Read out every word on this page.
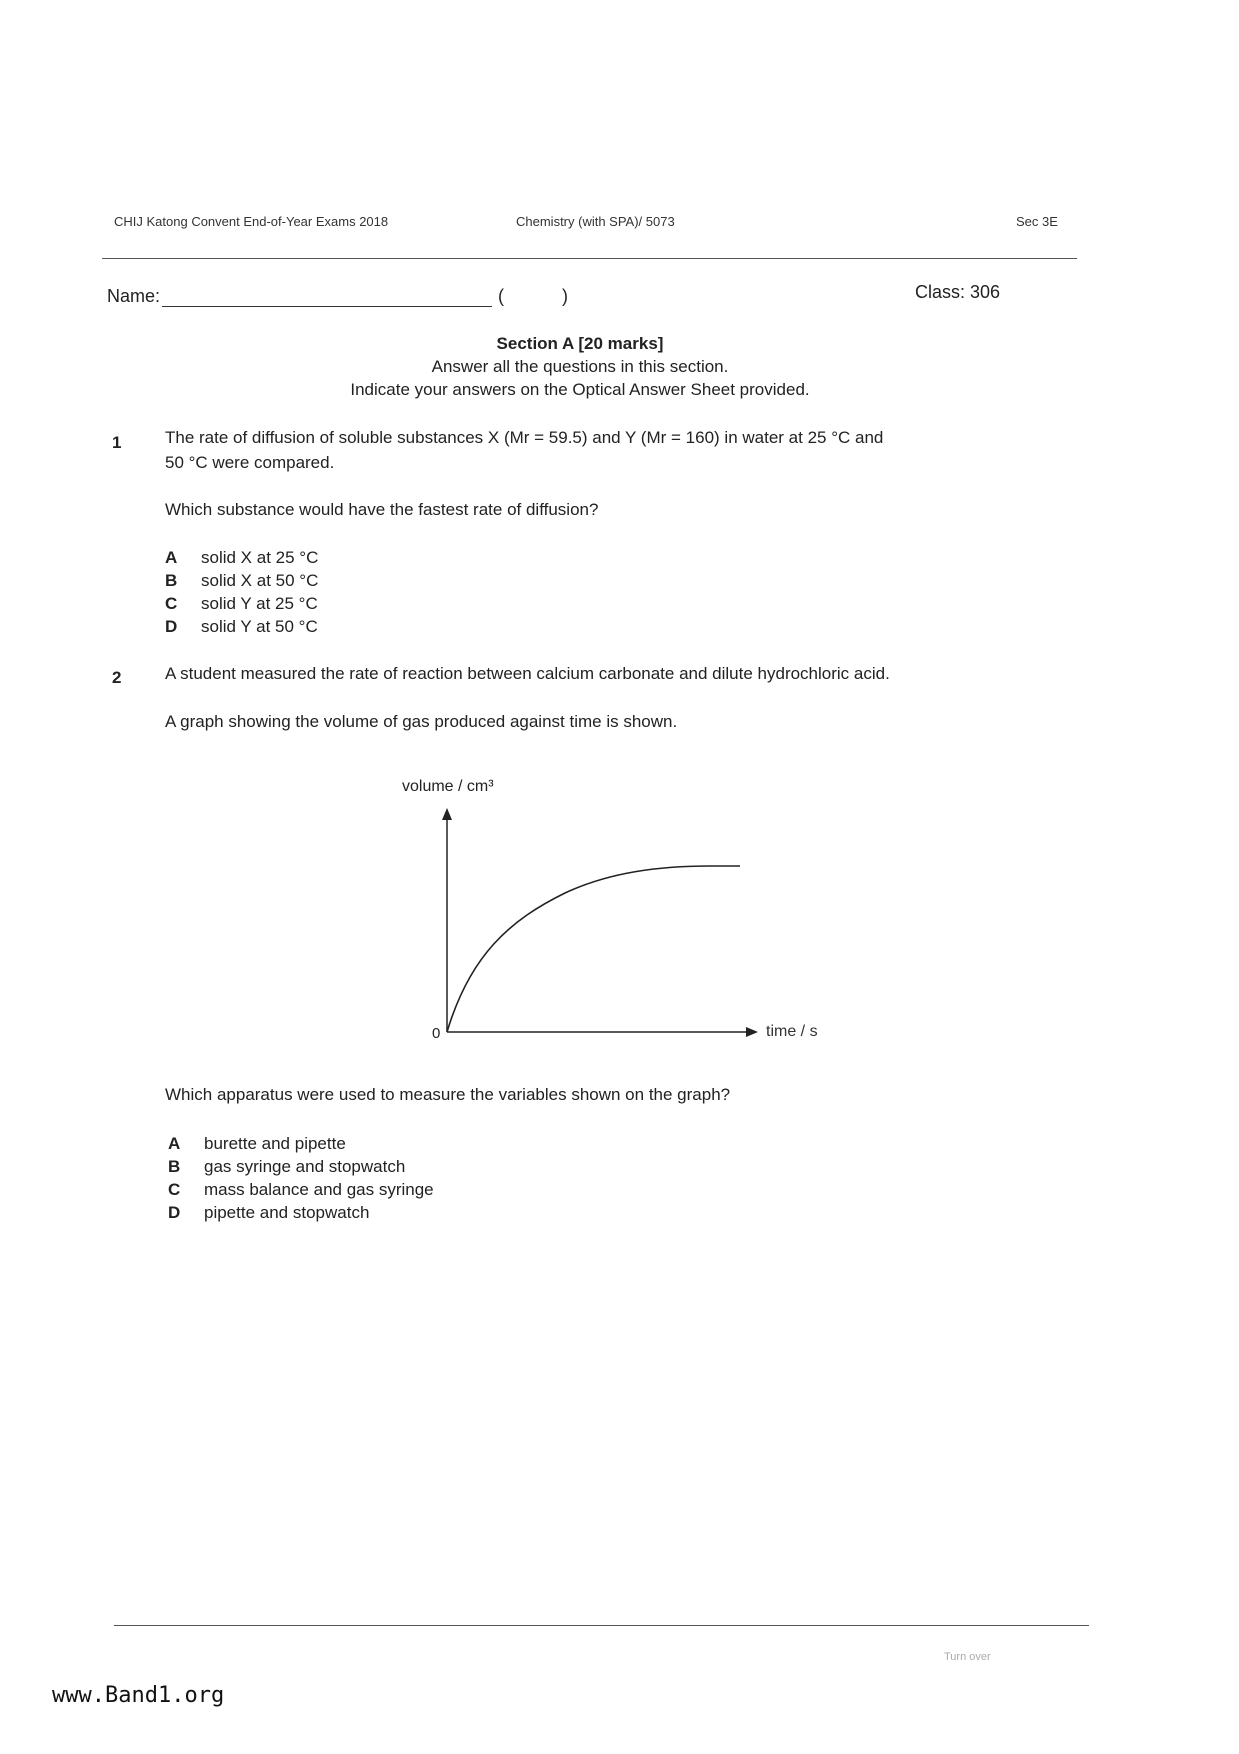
CHIJ Katong Convent End-of-Year Exams 2018	Chemistry (with SPA)/ 5073	Sec 3E
Name:	(	)	Class: 306
Section A [20 marks]
Answer all the questions in this section.
Indicate your answers on the Optical Answer Sheet provided.
1	The rate of diffusion of soluble substances X (Mr = 59.5) and Y (Mr = 160) in water at 25 °C and
50 °C were compared.
Which substance would have the fastest rate of diffusion?
A solid X at 25 °C
B solid X at 50 °C
C solid Y at 25 °C
D solid Y at 50 °C
2	A student measured the rate of reaction between calcium carbonate and dilute hydrochloric acid.
A graph showing the volume of gas produced against time is shown.
volume / cm³
0	time / s
Which apparatus were used to measure the variables shown on the graph?
A burette and pipette
B gas syringe and stopwatch
C mass balance and gas syringe
D pipette and stopwatch
Turn over
www.Band1.org
